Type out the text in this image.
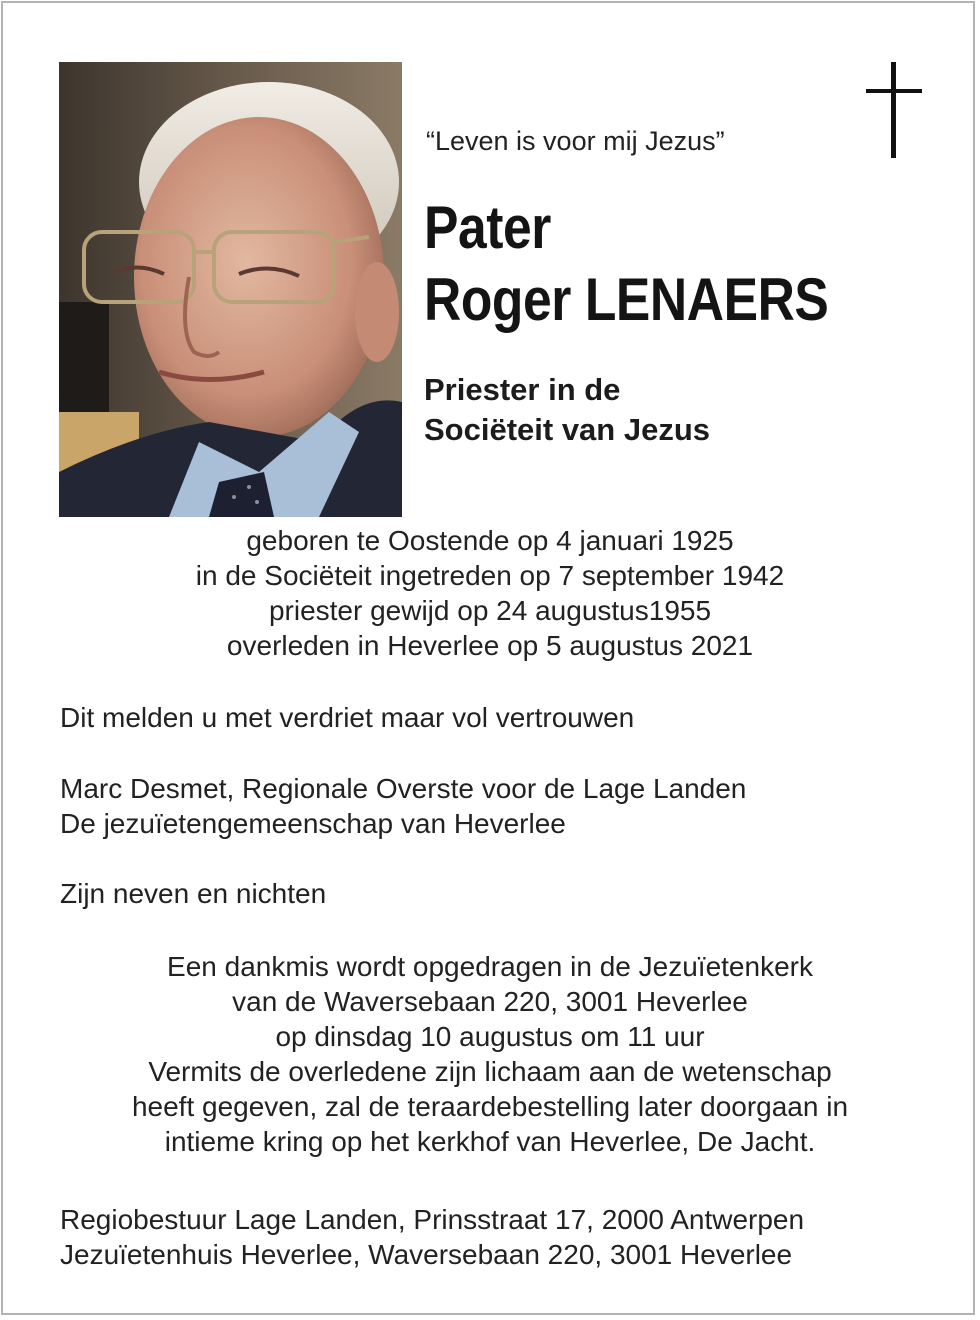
“Leven is voor mij Jezus”
Pater
Roger LENAERS
Priester in de
Sociëteit van Jezus
geboren te Oostende op 4 januari 1925
in de Sociëteit ingetreden op 7 september 1942
priester gewijd op 24 augustus1955
overleden in Heverlee op 5 augustus 2021
Dit melden u met verdriet maar vol vertrouwen
Marc Desmet, Regionale Overste voor de Lage Landen
De jezuïetengemeenschap van Heverlee
Zijn neven en nichten
Een dankmis wordt opgedragen in de Jezuïetenkerk
van de Waversebaan 220, 3001 Heverlee
op dinsdag 10 augustus om 11 uur
Vermits de overledene zijn lichaam aan de wetenschap
heeft gegeven, zal de teraardebestelling later doorgaan in
intieme kring op het kerkhof van Heverlee, De Jacht.
Regiobestuur Lage Landen, Prinsstraat 17, 2000 Antwerpen
Jezuïetenhuis Heverlee, Waversebaan 220, 3001 Heverlee
